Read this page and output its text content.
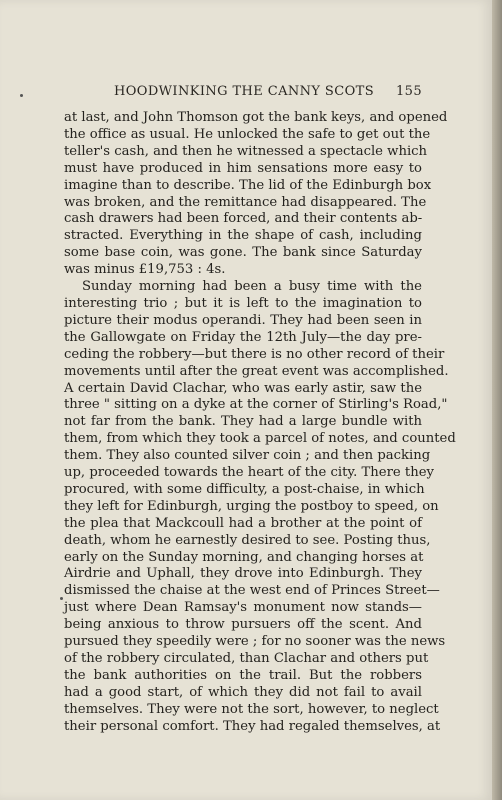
HOODWINKING THE CANNY SCOTS 155
at last, and John Thomson got the bank keys, and opened
the office as usual. He unlocked the safe to get out the
teller's cash, and then he witnessed a spectacle which
must have produced in him sensations more easy to
imagine than to describe. The lid of the Edinburgh box
was broken, and the remittance had disappeared. The
cash drawers had been forced, and their contents ab-
stracted. Everything in the shape of cash, including
some base coin, was gone. The bank since Saturday
was minus £19,753 : 4s.
Sunday morning had been a busy time with the
interesting trio ; but it is left to the imagination to
picture their modus operandi. They had been seen in
the Gallowgate on Friday the 12th July—the day pre-
ceding the robbery—but there is no other record of their
movements until after the great event was accomplished.
A certain David Clachar, who was early astir, saw the
three " sitting on a dyke at the corner of Stirling's Road,"
not far from the bank. They had a large bundle with
them, from which they took a parcel of notes, and counted
them. They also counted silver coin ; and then packing
up, proceeded towards the heart of the city. There they
procured, with some difficulty, a post-chaise, in which
they left for Edinburgh, urging the postboy to speed, on
the plea that Mackcoull had a brother at the point of
death, whom he earnestly desired to see. Posting thus,
early on the Sunday morning, and changing horses at
Airdrie and Uphall, they drove into Edinburgh. They
dismissed the chaise at the west end of Princes Street—
just where Dean Ramsay's monument now stands—
being anxious to throw pursuers off the scent. And
pursued they speedily were ; for no sooner was the news
of the robbery circulated, than Clachar and others put
the bank authorities on the trail. But the robbers
had a good start, of which they did not fail to avail
themselves. They were not the sort, however, to neglect
their personal comfort. They had regaled themselves, at
